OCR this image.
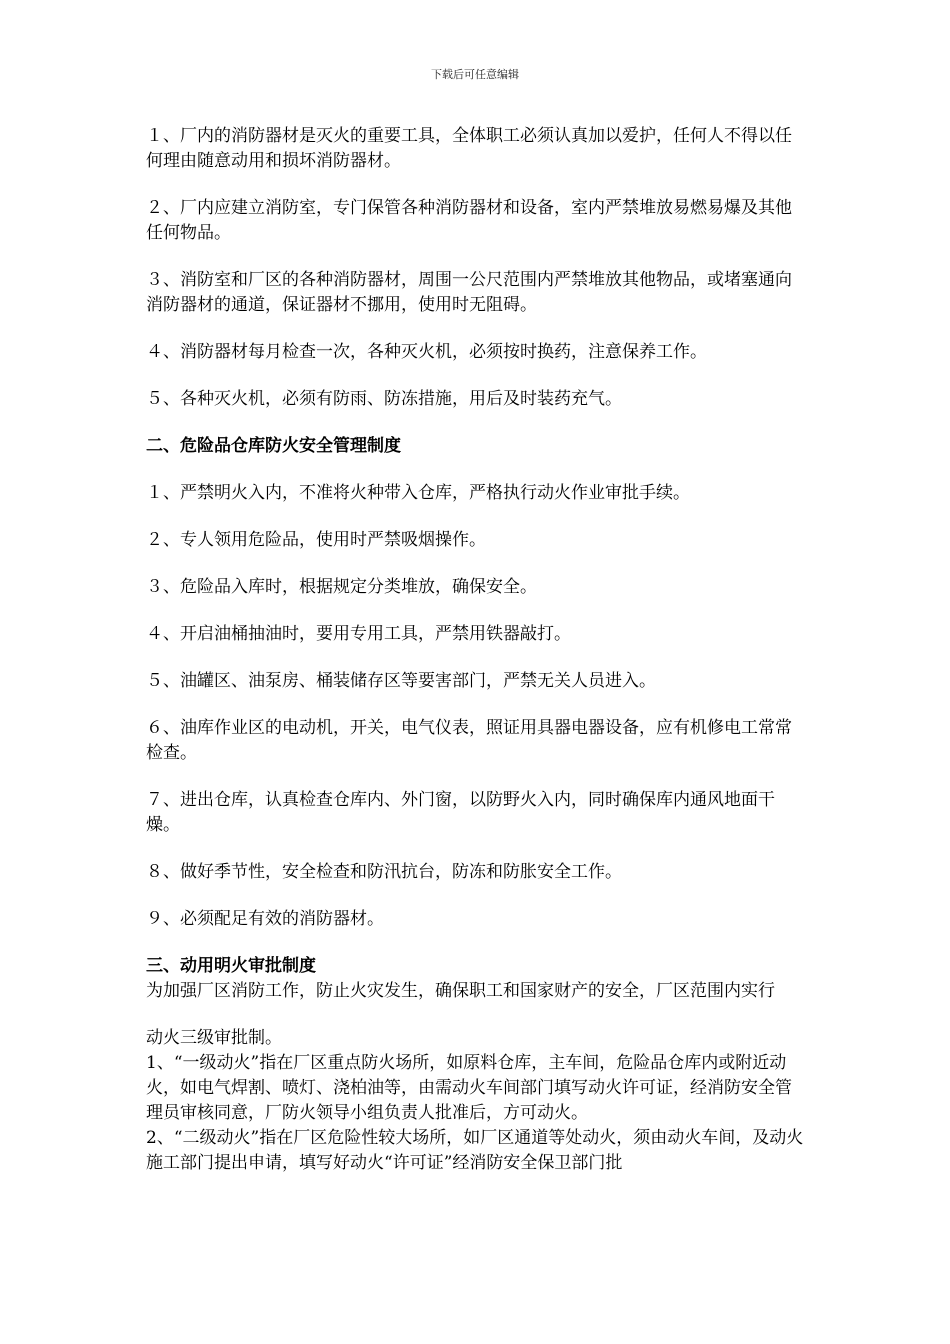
下载后可任意编辑

１、厂内的消防器材是灭火的重要工具，全体职工必须认真加以爱护，任何人不得以任何理由随意动用和损坏消防器材。

２、厂内应建立消防室，专门保管各种消防器材和设备，室内严禁堆放易燃易爆及其他任何物品。

３、消防室和厂区的各种消防器材，周围一公尺范围内严禁堆放其他物品，或堵塞通向消防器材的通道，保证器材不挪用，使用时无阻碍。

４、消防器材每月检查一次，各种灭火机，必须按时换药，注意保养工作。

５、各种灭火机，必须有防雨、防冻措施，用后及时装药充气。

二、危险品仓库防火安全管理制度

１、严禁明火入内，不准将火种带入仓库，严格执行动火作业审批手续。

２、专人领用危险品，使用时严禁吸烟操作。

３、危险品入库时，根据规定分类堆放，确保安全。

４、开启油桶抽油时，要用专用工具，严禁用铁器敲打。

５、油罐区、油泵房、桶装储存区等要害部门，严禁无关人员进入。

６、油库作业区的电动机，开关，电气仪表，照证用具器电器设备，应有机修电工常常检查。

７、进出仓库，认真检查仓库内、外门窗，以防野火入内，同时确保库内通风地面干燥。

８、做好季节性，安全检查和防汛抗台，防冻和防胀安全工作。

９、必须配足有效的消防器材。

三、动用明火审批制度

为加强厂区消防工作，防止火灾发生，确保职工和国家财产的安全，厂区范围内实行

动火三级审批制。

1、“一级动火”指在厂区重点防火场所，如原料仓库，主车间，危险品仓库内或附近动火，如电气焊割、喷灯、浇柏油等，由需动火车间部门填写动火许可证，经消防安全管理员审核同意，厂防火领导小组负责人批准后，方可动火。

2、“二级动火”指在厂区危险性较大场所，如厂区通道等处动火，须由动火车间，及动火施工部门提出申请，填写好动火“许可证”经消防安全保卫部门批
